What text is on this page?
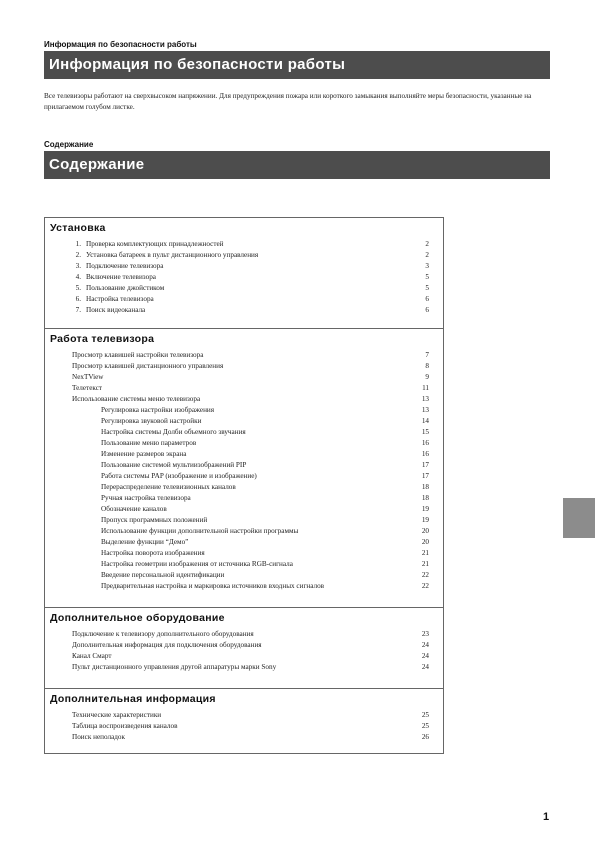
Информация по безопасности работы
Информация по безопасности работы
Все телевизоры работают на сверхвысоком напряжении. Для предупреждения пожара или короткого замыкания выполняйте меры безопасности, указанные на прилагаемом голубом листке.
Содержание
Содержание
Установка
1. Проверка комплектующих принадлежностей	2
2. Установка батареек в пульт дистанционного управления	2
3. Подключение телевизора	3
4. Включение телевизора	5
5. Пользование джойстиком	5
6. Настройка телевизора	6
7. Поиск видеоканала	6
Работа телевизора
Просмотр клавишей настройки телевизора	7
Просмотр клавишей дистанционного управления	8
NexTView	9
Телетекст	11
Использование системы меню телевизора	13
Регулировка настройки изображения	13
Регулировка звуковой настройки	14
Настройка системы Долби объемного звучания	15
Пользование меню параметров	16
Изменение размеров экрана	16
Пользование системой мультиизображений PIP	17
Работа системы PAP (изображение и изображение)	17
Перераспределение телевизионных каналов	18
Ручная настройка телевизора	18
Обозначение каналов	19
Пропуск программных положений	19
Использование функции дополнительной настройки программы	20
Выделение функции “Демо”	20
Настройка поворота изображения	21
Настройка геометрии изображения от источника RGB-сигнала	21
Введение персональной идентификации	22
Предварительная настройка и маркировка источников входных сигналов	22
Дополнительное оборудование
Подключение к телевизору дополнительного оборудования	23
Дополнительная информация для подключения оборудования	24
Канал Смарт	24
Пульт дистанционного управления другой аппаратуры марки Sony	24
Дополнительная информация
Технические характеристики	25
Таблица воспроизведения каналов	25
Поиск неполадок	26
1
